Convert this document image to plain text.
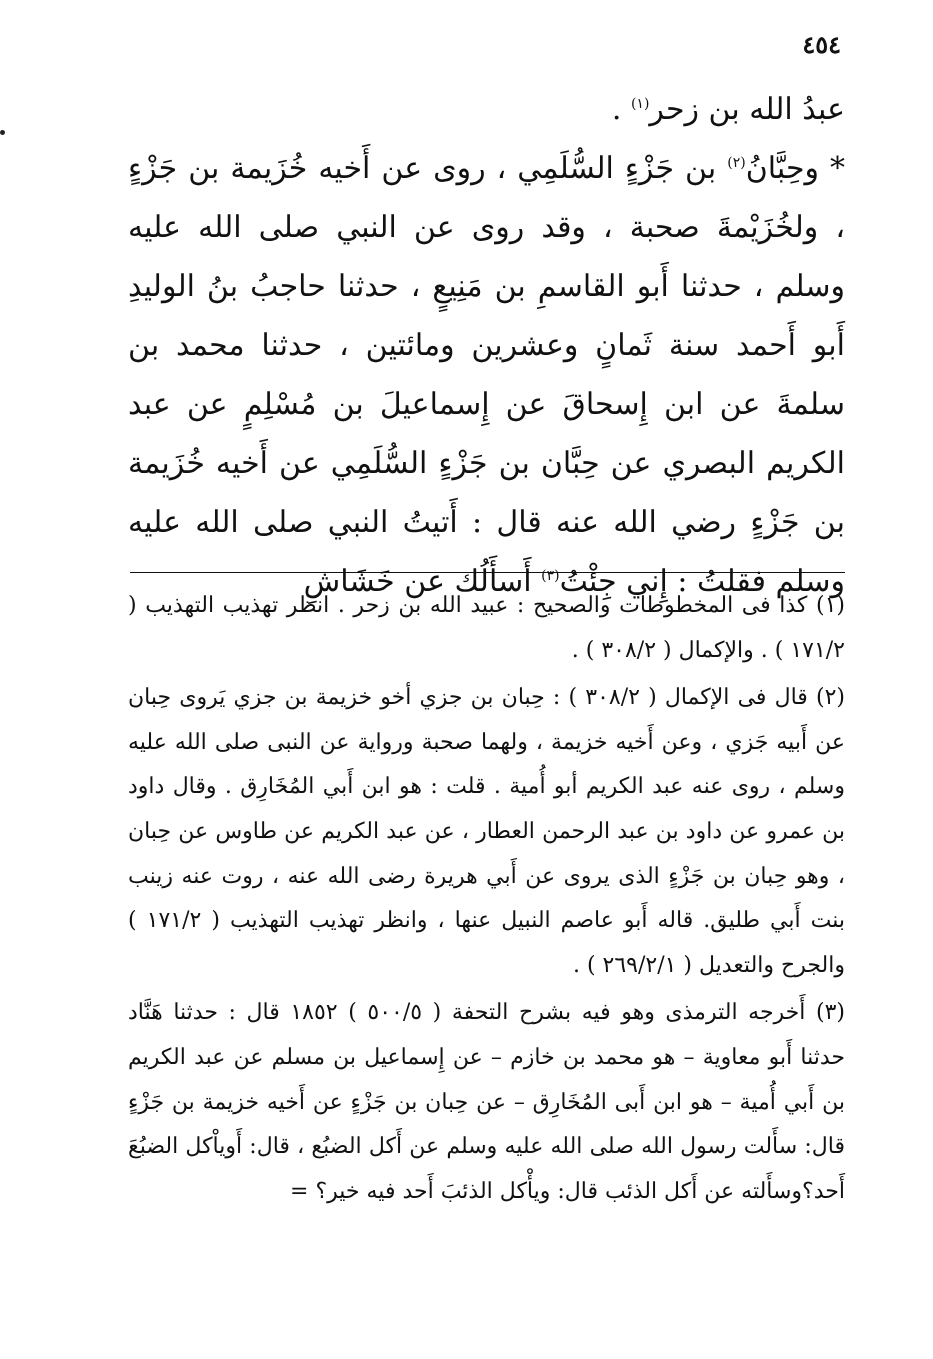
٤٥٤

عبدُ الله بن زحر$^{(١)}$ .

* وحِبَّانُ$^{(٢)}$ بن جَزْءٍ السُّلَمِي ، روى عن أَخيه خُزَيمة بن جَزْءٍ ، ولخُزَيْمةَ صحبة ، وقد روى عن النبي صلى الله عليه وسلم ، حدثنا أَبو القاسمِ بن مَنِيعٍ ، حدثنا حاجبُ بنُ الوليدِ أَبو أَحمد سنة ثَمانٍ وعشرين ومائتين ، حدثنا محمد بن سلمةَ عن ابن إِسحاقَ عن إِسماعيلَ بن مُسْلِمٍ عن عبد الكريم البصري عن حِبَّان بن جَزْءٍ السُّلَمِي عن أَخيه خُزَيمة بن جَزْءٍ رضي الله عنه قال : أَتيتُ النبي صلى الله عليه وسلم فقلتُ : إِني جِئْتُ$^{(٣)}$ أَسأَلُك عن خَشَاشِ

(١) كذا فى المخطوطات والصحيح : عبيد الله بن زحر . انظر تهذيب التهذيب ( ١٧١/٢ ) . والإكمال ( ٣٠٨/٢ ) .

(٢) قال فى الإكمال ( ٣٠٨/٢ ) : حِبان بن جزي أخو خزيمة بن جزي يَروى حِبان عن أَبيه جَزي ، وعن أَخيه خزيمة ، ولهما صحبة ورواية عن النبى صلى الله عليه وسلم ، روى عنه عبد الكريم أبو أُمية . قلت : هو ابن أَبي المُخَارِق . وقال داود بن عمرو عن داود بن عبد الرحمن العطار ، عن عبد الكريم عن طاوس عن حِبان ، وهو حِبان بن جَزْءٍ الذى يروى عن أَبي هريرة رضى الله عنه ، روت عنه زينب بنت أَبي طليق. قاله أَبو عاصم النبيل عنها ، وانظر تهذيب التهذيب ( ١٧١/٢ ) والجرح والتعديل ( ٢٦٩/٢/١ ) .

(٣) أَخرجه الترمذى وهو فيه بشرح التحفة ( ٥٠٠/٥ ) ١٨٥٢ قال : حدثنا هَنَّاد حدثنا أَبو معاوية – هو محمد بن خازم – عن إِسماعيل بن مسلم عن عبد الكريم بن أَبي أُمية – هو ابن أَبى المُخَارِق – عن حِبان بن جَزْءٍ عن أَخيه خزيمة بن جَزْءٍ قال: سأَلت رسول الله صلى الله عليه وسلم عن أَكل الضبُع ، قال: أَوياْكل الضبُعَ أَحد؟وسأَلته عن أَكل الذئب قال: ويأْكل الذئبَ أَحد فيه خير؟ =
